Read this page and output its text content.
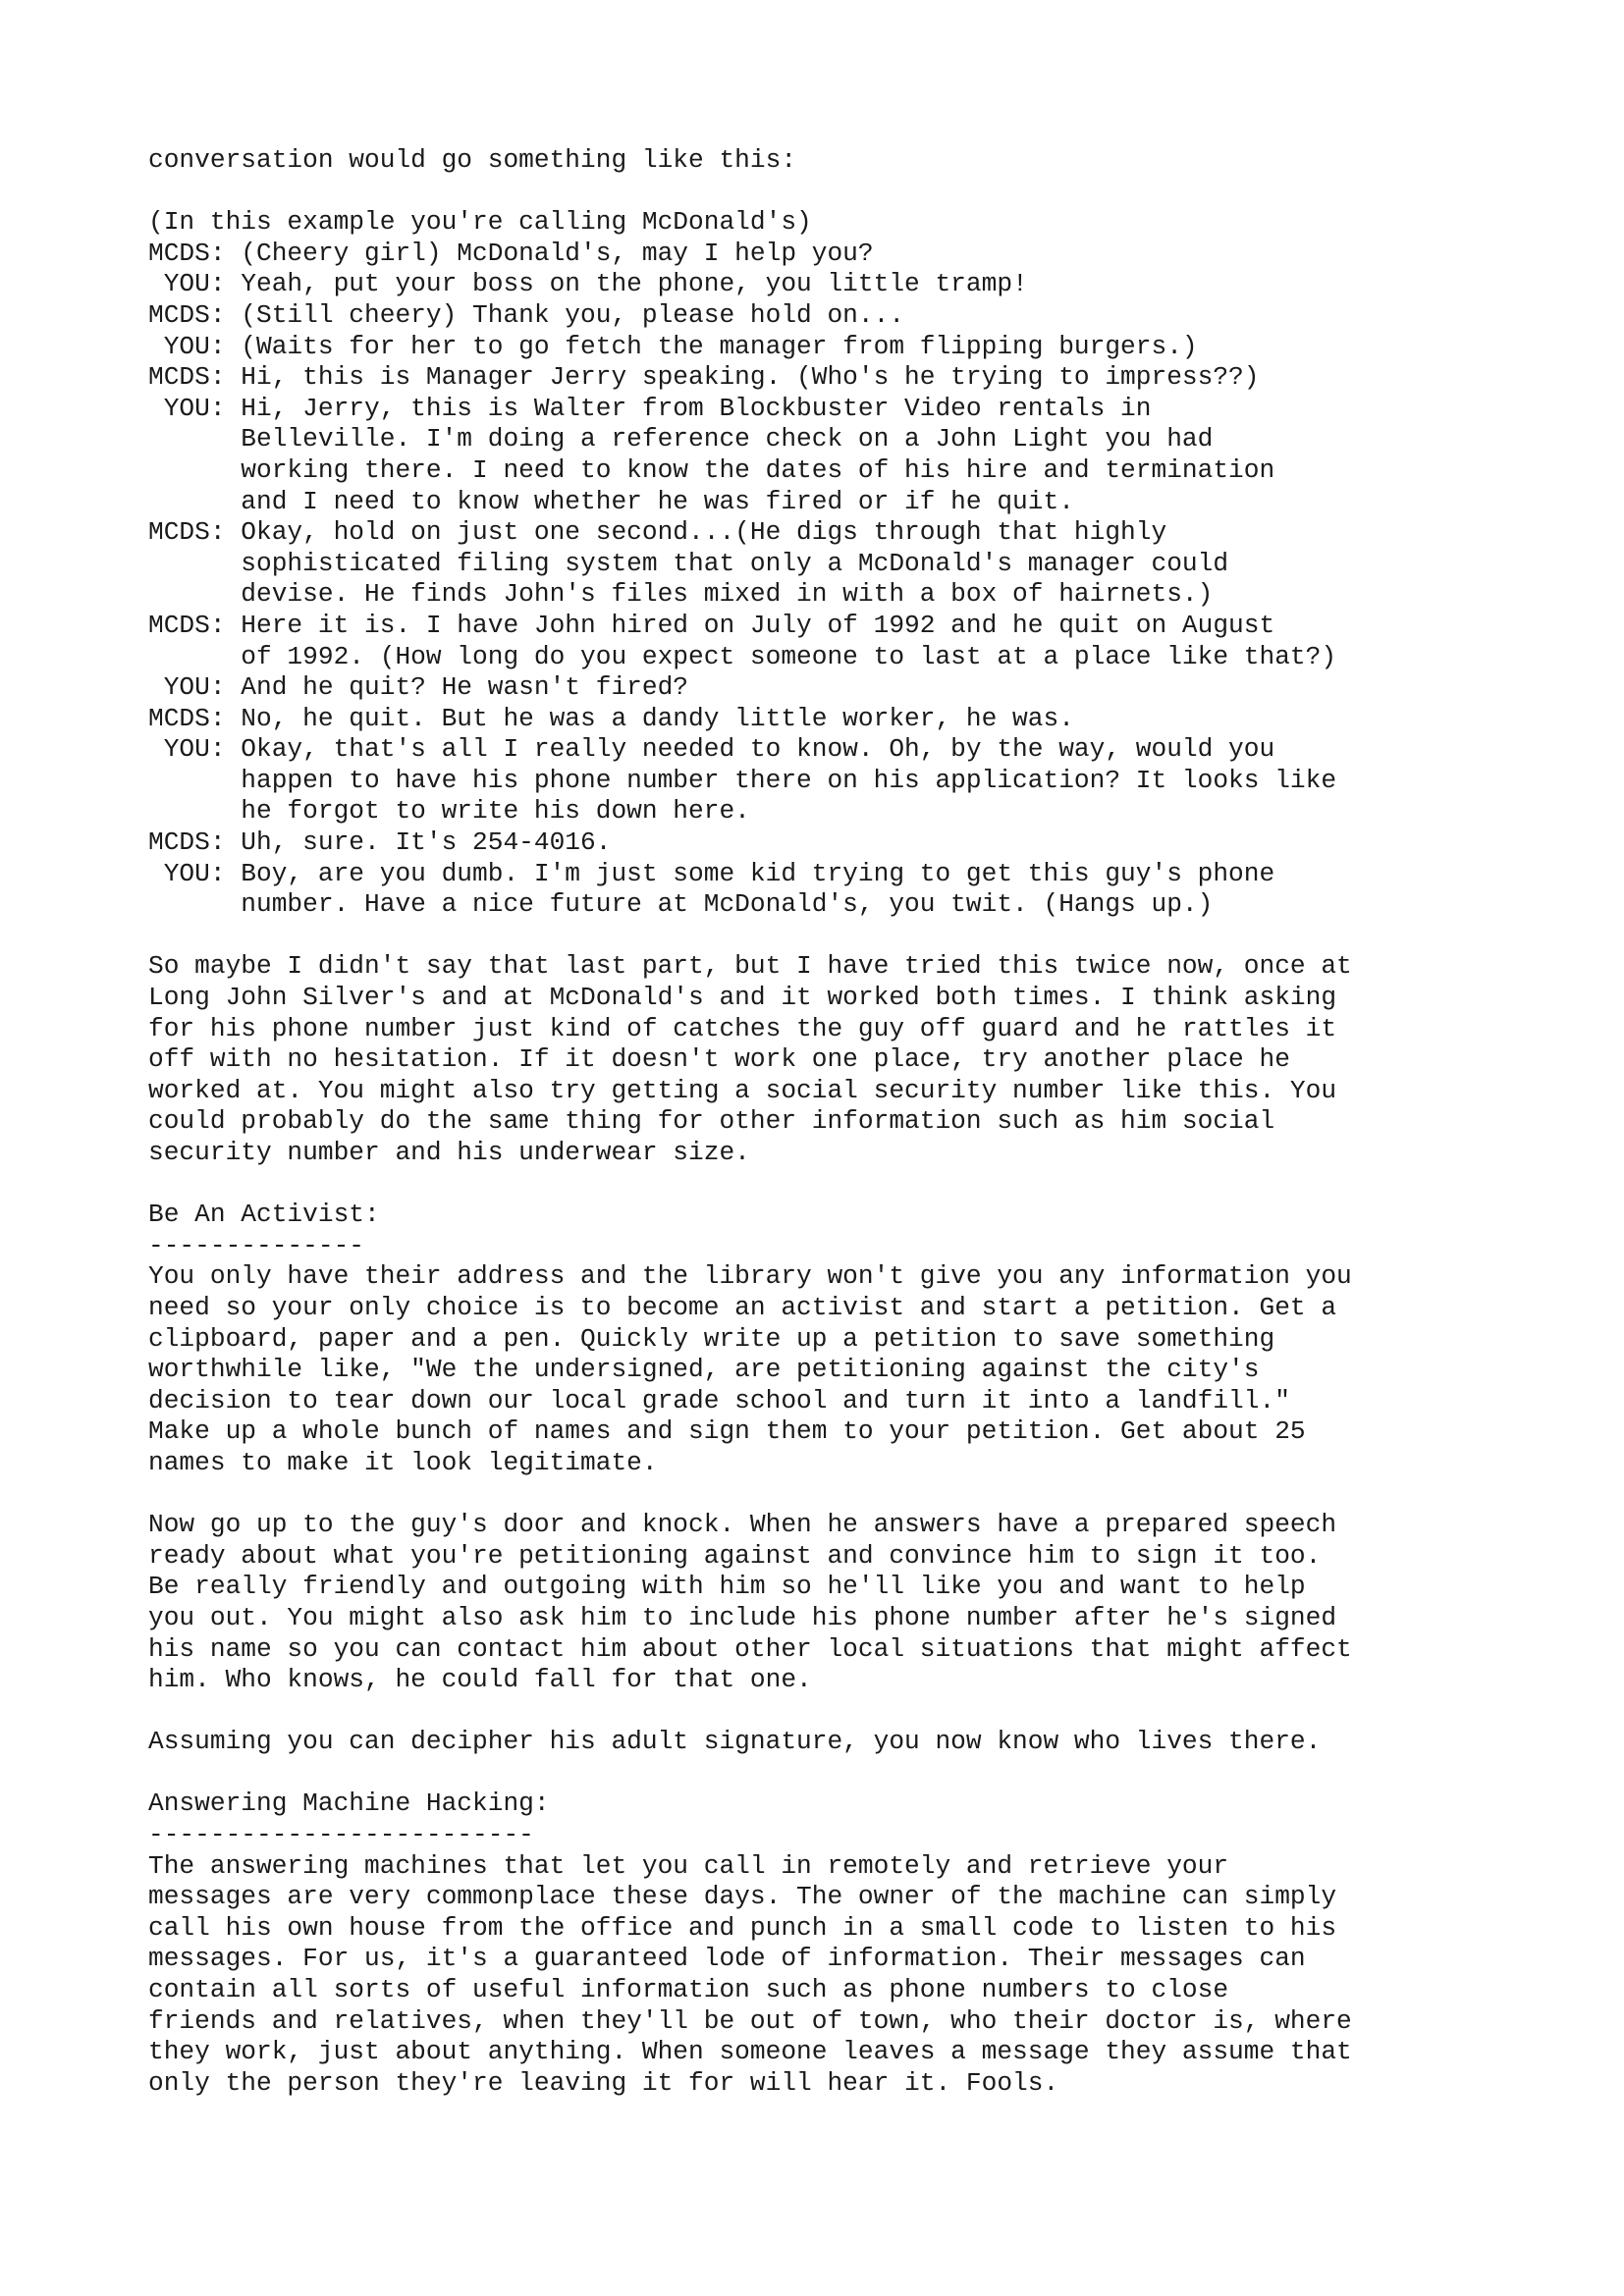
conversation would go something like this:
(In this example you're calling McDonald's)
MCDS: (Cheery girl) McDonald's, may I help you?
YOU: Yeah, put your boss on the phone, you little tramp!
MCDS: (Still cheery) Thank you, please hold on...
YOU: (Waits for her to go fetch the manager from flipping burgers.)
MCDS: Hi, this is Manager Jerry speaking. (Who's he trying to impress??)
YOU: Hi, Jerry, this is Walter from Blockbuster Video rentals in
Belleville. I'm doing a reference check on a John Light you had
working there. I need to know the dates of his hire and termination
and I need to know whether he was fired or if he quit.
MCDS: Okay, hold on just one second...(He digs through that highly
sophisticated filing system that only a McDonald's manager could
devise. He finds John's files mixed in with a box of hairnets.)
MCDS: Here it is. I have John hired on July of 1992 and he quit on August
of 1992. (How long do you expect someone to last at a place like that?)
YOU: And he quit? He wasn't fired?
MCDS: No, he quit. But he was a dandy little worker, he was.
YOU: Okay, that's all I really needed to know. Oh, by the way, would you
happen to have his phone number there on his application? It looks like
he forgot to write his down here.
MCDS: Uh, sure. It's 254-4016.
YOU: Boy, are you dumb. I'm just some kid trying to get this guy's phone
number. Have a nice future at McDonald's, you twit. (Hangs up.)
So maybe I didn't say that last part, but I have tried this twice now, once at
Long John Silver's and at McDonald's and it worked both times. I think asking
for his phone number just kind of catches the guy off guard and he rattles it
off with no hesitation. If it doesn't work one place, try another place he
worked at. You might also try getting a social security number like this. You
could probably do the same thing for other information such as him social
security number and his underwear size.
Be An Activist:
--------------
You only have their address and the library won't give you any information you
need so your only choice is to become an activist and start a petition. Get a
clipboard, paper and a pen. Quickly write up a petition to save something
worthwhile like, "We the undersigned, are petitioning against the city's
decision to tear down our local grade school and turn it into a landfill."
Make up a whole bunch of names and sign them to your petition. Get about 25
names to make it look legitimate.
Now go up to the guy's door and knock. When he answers have a prepared speech
ready about what you're petitioning against and convince him to sign it too.
Be really friendly and outgoing with him so he'll like you and want to help
you out. You might also ask him to include his phone number after he's signed
his name so you can contact him about other local situations that might affect
him. Who knows, he could fall for that one.
Assuming you can decipher his adult signature, you now know who lives there.
Answering Machine Hacking:
-------------------------
The answering machines that let you call in remotely and retrieve your
messages are very commonplace these days. The owner of the machine can simply
call his own house from the office and punch in a small code to listen to his
messages. For us, it's a guaranteed lode of information. Their messages can
contain all sorts of useful information such as phone numbers to close
friends and relatives, when they'll be out of town, who their doctor is, where
they work, just about anything. When someone leaves a message they assume that
only the person they're leaving it for will hear it. Fools.
